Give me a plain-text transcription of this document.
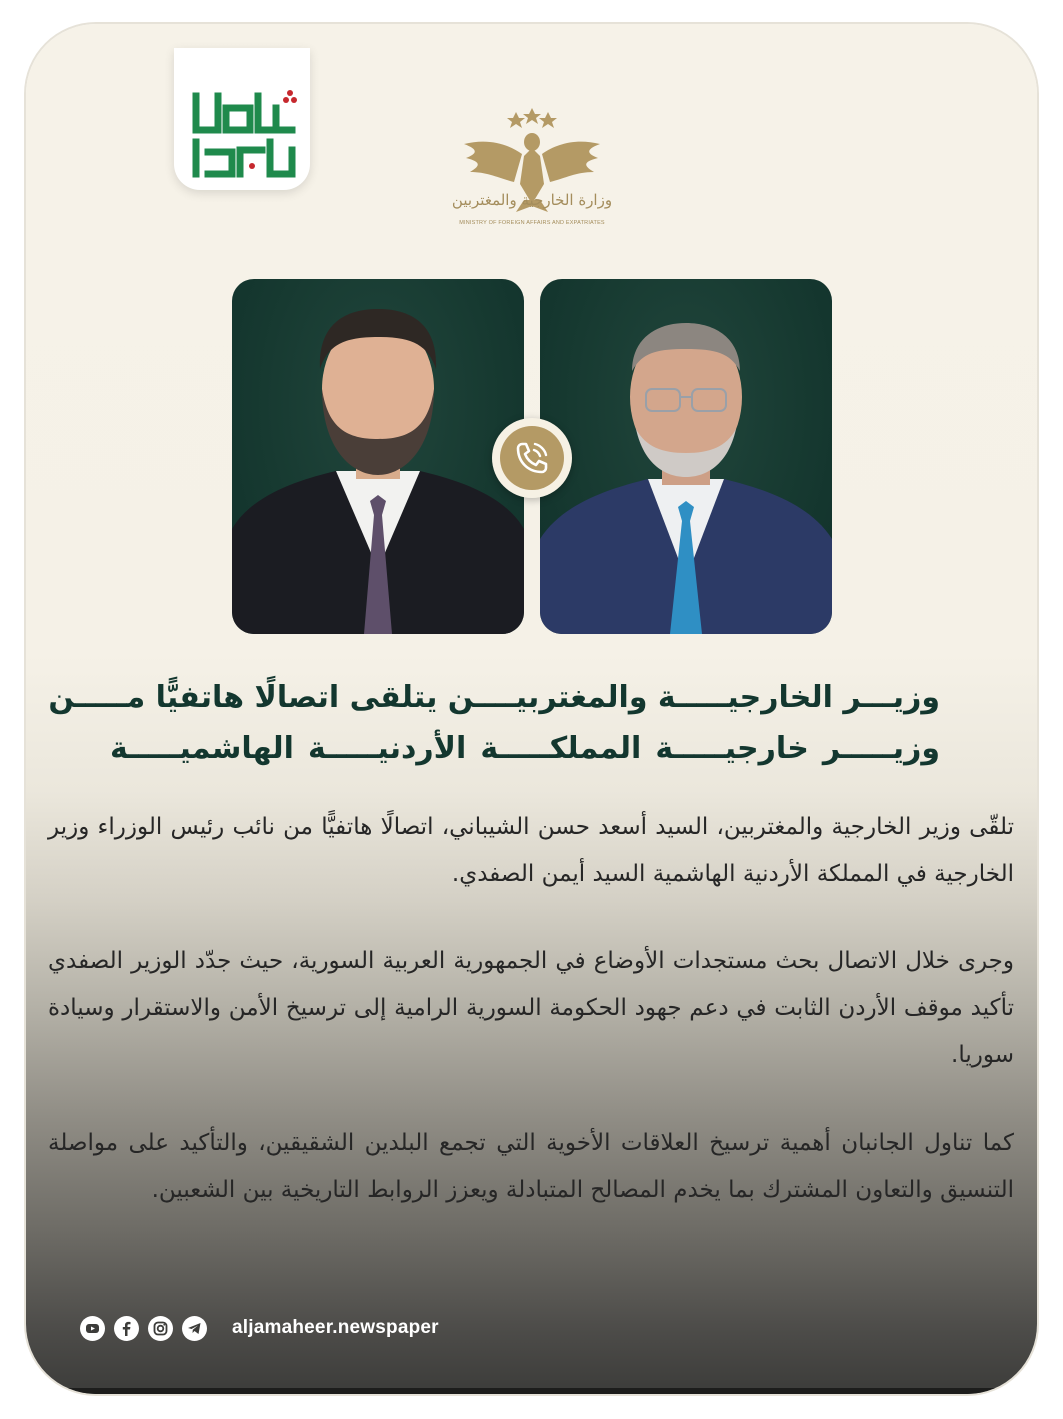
وزارة الخارجية والمغتربين
MINISTRY OF FOREIGN AFFAIRS AND EXPATRIATES
وزيـــر الخارجيـــــة والمغتربيــــن يتلقى اتصالًا هاتفيًّا مـــــن
وزيـــــر خارجيـــــة المملكـــــة الأردنيـــــة الهاشميـــــة
تلقّى وزير الخارجية والمغتربين، السيد أسعد حسن الشيباني، اتصالًا هاتفيًّا من نائب رئيس الوزراء وزير الخارجية في المملكة الأردنية الهاشمية السيد أيمن الصفدي.
وجرى خلال الاتصال بحث مستجدات الأوضاع في الجمهورية العربية السورية، حيث جدّد الوزير الصفدي تأكيد موقف الأردن الثابت في دعم جهود الحكومة السورية الرامية إلى ترسيخ الأمن والاستقرار وسيادة سوريا.
كما تناول الجانبان أهمية ترسيخ العلاقات الأخوية التي تجمع البلدين الشقيقين، والتأكيد على مواصلة التنسيق والتعاون المشترك بما يخدم المصالح المتبادلة ويعزز الروابط التاريخية بين الشعبين.
aljamaheer.newspaper
